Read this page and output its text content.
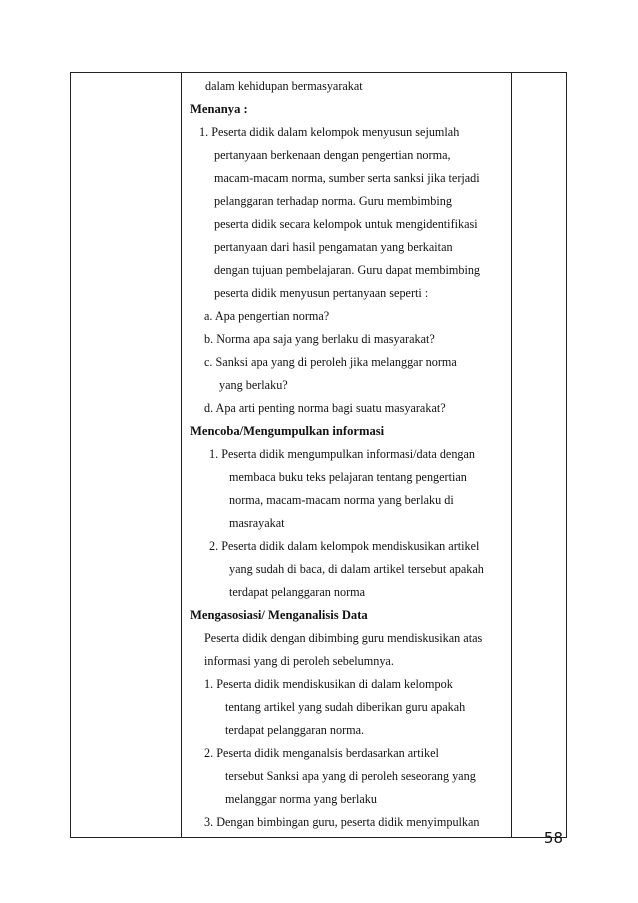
dalam kehidupan bermasyarakat
Menanya :
1. Peserta didik dalam kelompok menyusun sejumlah
pertanyaan berkenaan dengan pengertian norma,
macam-macam norma, sumber serta sanksi jika terjadi
pelanggaran terhadap norma. Guru membimbing
peserta didik secara kelompok untuk mengidentifikasi
pertanyaan dari hasil pengamatan yang berkaitan
dengan tujuan pembelajaran. Guru dapat membimbing
peserta didik menyusun pertanyaan seperti :
a. Apa pengertian norma?
b. Norma apa saja yang berlaku di masyarakat?
c. Sanksi apa yang di peroleh jika melanggar norma
yang berlaku?
d. Apa arti penting norma bagi suatu masyarakat?
Mencoba/Mengumpulkan informasi
1. Peserta didik mengumpulkan informasi/data dengan
membaca buku teks pelajaran tentang pengertian
norma, macam-macam norma yang berlaku di
masrayakat
2. Peserta didik dalam kelompok mendiskusikan artikel
yang sudah di baca, di dalam artikel tersebut apakah
terdapat pelanggaran norma
Mengasosiasi/ Menganalisis Data
Peserta didik dengan dibimbing guru mendiskusikan atas
informasi yang di peroleh sebelumnya.
1. Peserta didik mendiskusikan di dalam kelompok
tentang artikel yang sudah diberikan guru apakah
terdapat pelanggaran norma.
2. Peserta didik menganalsis berdasarkan artikel
tersebut Sanksi apa yang di peroleh seseorang yang
melanggar norma yang berlaku
3. Dengan bimbingan guru, peserta didik menyimpulkan
58
